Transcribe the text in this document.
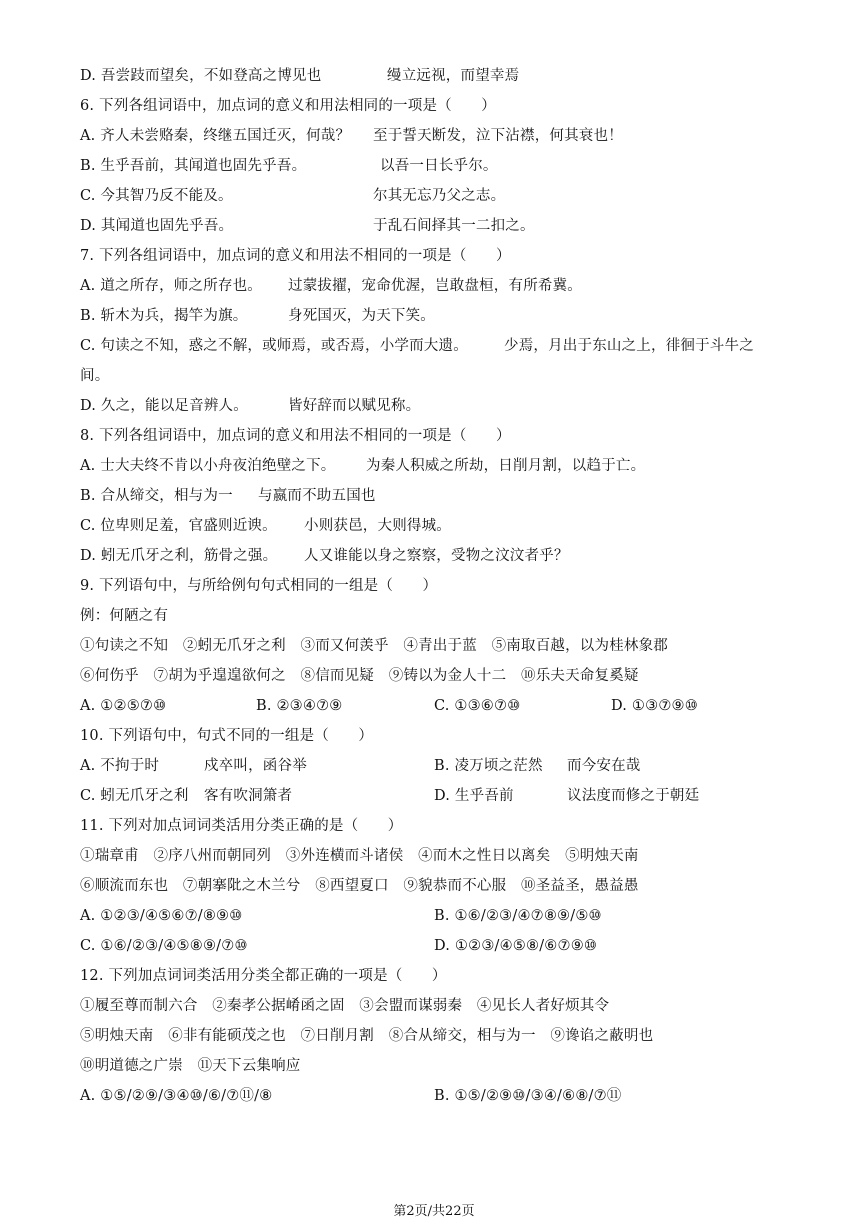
D. 吾尝跂而望矣，不如登高之博见也	缦立远视，而望幸焉
6. 下列各组词语中，加点词的意义和用法相同的一项是（　　）
A. 齐人未尝赂秦，终继五国迁灭，何哉？ 至于誓天断发，泣下沾襟，何其衰也！
B. 生乎吾前，其闻道也固先乎吾。	以吾一日长乎尔。
C. 今其智乃反不能及。	尔其无忘乃父之志。
D. 其闻道也固先乎吾。	于乱石间择其一二扣之。
7. 下列各组词语中，加点词的意义和用法不相同的一项是（　　）
A. 道之所存，师之所存也。 过蒙拔擢，宠命优渥，岂敢盘桓，有所希冀。
B. 斩木为兵，揭竿为旗。	身死国灭，为天下笑。
C. 句读之不知，惑之不解，或师焉，或否焉，小学而大遗。 少焉，月出于东山之上，徘徊于斗牛之
间。
D. 久之，能以足音辨人。	皆好辞而以赋见称。
8. 下列各组词语中，加点词的意义和用法不相同的一项是（　　）
A. 士大夫终不肯以小舟夜泊绝壁之下。 为秦人积威之所劫，日削月割，以趋于亡。
B. 合从缔交，相与为一 与嬴而不助五国也
C. 位卑则足羞，官盛则近谀。 小则获邑，大则得城。
D. 蚓无爪牙之利，筋骨之强。 人又谁能以身之察察，受物之汶汶者乎？
9. 下列语句中，与所给例句句式相同的一组是（　　）
例：何陋之有
①句读之不知　②蚓无爪牙之利　③而又何羡乎　④青出于蓝　⑤南取百越，以为桂林象郡
⑥何伤乎　⑦胡为乎遑遑欲何之　⑧信而见疑　⑨铸以为金人十二　⑩乐夫天命复奚疑
A. ①②⑤⑦⑩	B. ②③④⑦⑨	C. ①③⑥⑦⑩	D. ①③⑦⑨⑩
10. 下列语句中，句式不同的一组是（　　）
A. 不拘于时	戍卒叫，函谷举	B. 凌万顷之茫然 而今安在哉
C. 蚓无爪牙之利 客有吹洞箫者	D. 生乎吾前	议法度而修之于朝廷
11. 下列对加点词词类活用分类正确的是（　　）
①瑞章甫　②序八州而朝同列　③外连横而斗诸侯　④而木之性日以离矣　⑤明烛天南
⑥顺流而东也　⑦朝搴阰之木兰兮　⑧西望夏口　⑨貌恭而不心服　⑩圣益圣，愚益愚
A. ①②③/④⑤⑥⑦/⑧⑨⑩	B. ①⑥/②③/④⑦⑧⑨/⑤⑩
C. ①⑥/②③/④⑤⑧⑨/⑦⑩	D. ①②③/④⑤⑧/⑥⑦⑨⑩
12. 下列加点词词类活用分类全都正确的一项是（　　）
①履至尊而制六合　②秦孝公据崤函之固　③会盟而谋弱秦　④见长人者好烦其令
⑤明烛天南　⑥非有能硕茂之也　⑦日削月割　⑧合从缔交，相与为一　⑨谗谄之蔽明也
⑩明道德之广崇　⑪天下云集响应
A. ①⑤/②⑨/③④⑩/⑥/⑦⑪/⑧	B. ①⑤/②⑨⑩/③④/⑥⑧/⑦⑪
第2页/共22页
